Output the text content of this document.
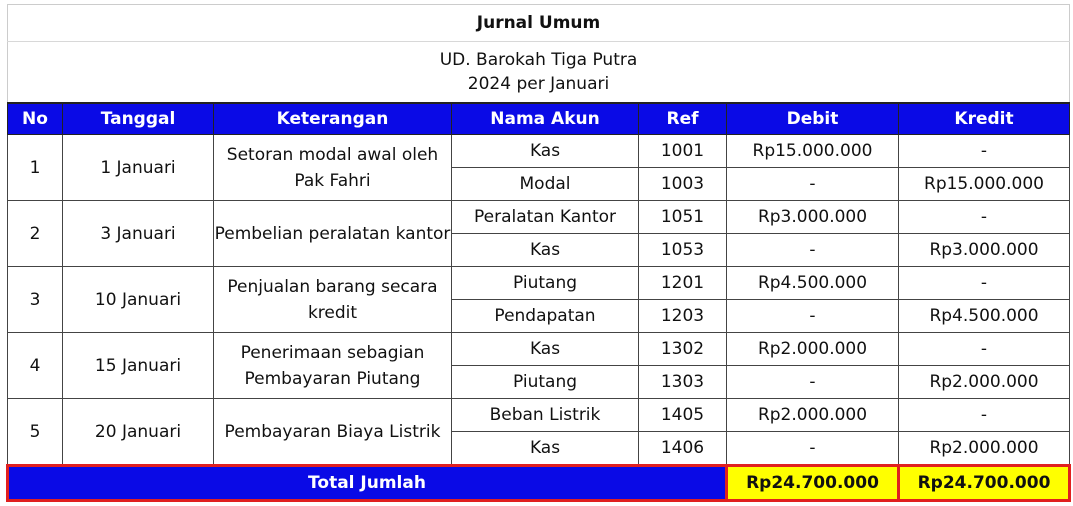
Jurnal Umum						

UD. Barokah Tiga Putra
2024 per Januari						

No	Tanggal	Keterangan	Nama Akun	Ref	Debit	Kredit
1	1 Januari	Setoran modal awal oleh Pak Fahri	Kas	1001	Rp15.000.000	-
			Modal	1003	-	Rp15.000.000
2	3 Januari	Pembelian peralatan kantor	Peralatan Kantor	1051	Rp3.000.000	-
			Kas	1053	-	Rp3.000.000
3	10 Januari	Penjualan barang secara kredit	Piutang	1201	Rp4.500.000	-
			Pendapatan	1203	-	Rp4.500.000
4	15 Januari	Penerimaan sebagian Pembayaran Piutang	Kas	1302	Rp2.000.000	-
			Piutang	1303	-	Rp2.000.000
5	20 Januari	Pembayaran Biaya Listrik	Beban Listrik	1405	Rp2.000.000	-
			Kas	1406	-	Rp2.000.000
Total Jumlah					Rp24.700.000	Rp24.700.000
